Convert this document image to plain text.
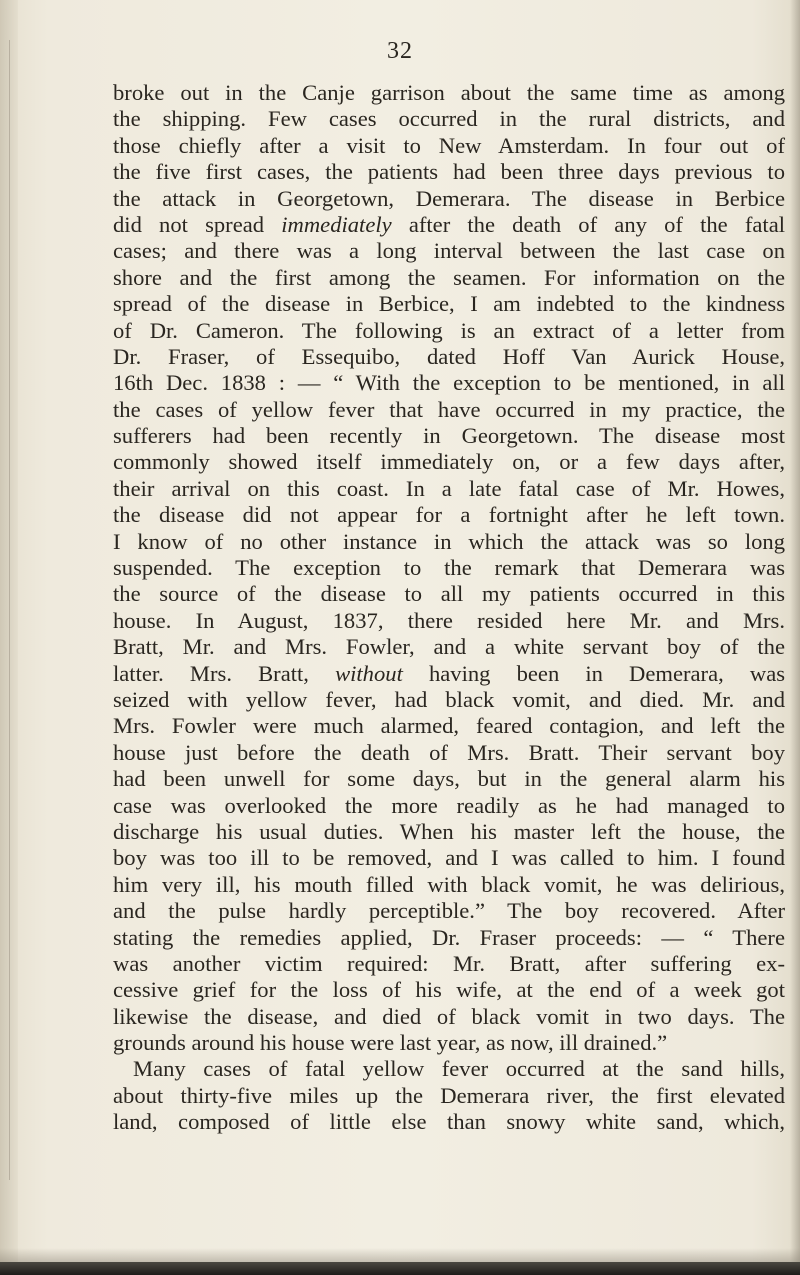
32
broke out in the Canje garrison about the same time as among
the shipping. Few cases occurred in the rural districts, and
those chiefly after a visit to New Amsterdam. In four out of
the five first cases, the patients had been three days previous to
the attack in Georgetown, Demerara. The disease in Berbice
did not spread immediately after the death of any of the fatal
cases; and there was a long interval between the last case on
shore and the first among the seamen. For information on the
spread of the disease in Berbice, I am indebted to the kindness
of Dr. Cameron. The following is an extract of a letter from
Dr. Fraser, of Essequibo, dated Hoff Van Aurick House,
16th Dec. 1838 : — “ With the exception to be mentioned, in all
the cases of yellow fever that have occurred in my practice, the
sufferers had been recently in Georgetown. The disease most
commonly showed itself immediately on, or a few days after,
their arrival on this coast. In a late fatal case of Mr. Howes,
the disease did not appear for a fortnight after he left town.
I know of no other instance in which the attack was so long
suspended. The exception to the remark that Demerara was
the source of the disease to all my patients occurred in this
house. In August, 1837, there resided here Mr. and Mrs.
Bratt, Mr. and Mrs. Fowler, and a white servant boy of the
latter. Mrs. Bratt, without having been in Demerara, was
seized with yellow fever, had black vomit, and died. Mr. and
Mrs. Fowler were much alarmed, feared contagion, and left the
house just before the death of Mrs. Bratt. Their servant boy
had been unwell for some days, but in the general alarm his
case was overlooked the more readily as he had managed to
discharge his usual duties. When his master left the house, the
boy was too ill to be removed, and I was called to him. I found
him very ill, his mouth filled with black vomit, he was delirious,
and the pulse hardly perceptible.” The boy recovered. After
stating the remedies applied, Dr. Fraser proceeds: — “ There
was another victim required: Mr. Bratt, after suffering ex-
cessive grief for the loss of his wife, at the end of a week got
likewise the disease, and died of black vomit in two days. The
grounds around his house were last year, as now, ill drained.”
Many cases of fatal yellow fever occurred at the sand hills,
about thirty-five miles up the Demerara river, the first elevated
land, composed of little else than snowy white sand, which,
